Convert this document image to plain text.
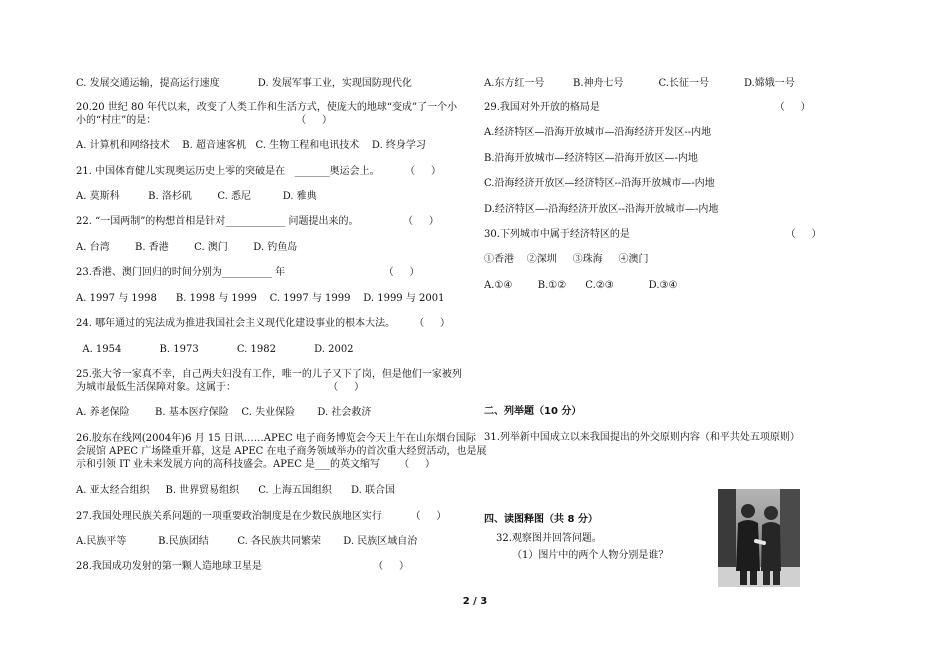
C. 发展交通运输，提高运行速度            D. 发展军事工业，实现国防现代化
20.20 世纪 80 年代以来，改变了人类工作和生活方式，使庞大的地球“变成”了一个小
小的“村庄”的是：                                            （     ）
A. 计算机和网络技术    B. 超音速客机   C. 生物工程和电讯技术    D. 终身学习
21. 中国体育健儿实现奥运历史上零的突破是在   _______奥运会上。        （     ）
A. 莫斯科         B. 洛杉矶        C. 悉尼          D. 雅典
22. “一国两制”的构想首相是针对____________ 问题提出来的。              （     ）
A. 台湾        B. 香港        C. 澳门        D. 钓鱼岛
23.香港、澳门回归的时间分别为__________ 年                               （     ）
A. 1997 与 1998      B. 1998 与 1999    C. 1997 与 1999    D. 1999 与 2001
24. 哪年通过的宪法成为推进我国社会主义现代化建设事业的根本大法。      （     ）
A. 1954            B. 1973            C. 1982            D. 2002
25.张大爷一家真不幸，自己两夫妇没有工作，唯一的儿子又下了岗，但是他们一家被列
为城市最低生活保障对象。这属于：                             （     ）
A. 养老保险        B. 基本医疗保险    C. 失业保险       D. 社会救济
26.胶东在线网(2004年)6 月 15 日讯……APEC 电子商务博览会今天上午在山东烟台国际
会展馆 APEC 广场隆重开幕，这是 APEC 在电子商务领域举办的首次重大经贸活动，也是展
示和引领 IT 业未来发展方向的高科技盛会。APEC 是___的英文缩写      （     ）
A. 亚太经合组织     B. 世界贸易组织      C. 上海五国组织      D. 联合国
27.我国处理民族关系问题的一项重要政治制度是在少数民族地区实行         （     ）
A.民族平等          B.民族团结         C. 各民族共同繁荣       D. 民族区域自治
28.我国成功发射的第一颗人造地球卫星是                                   （     ）
A.东方红一号         B.神舟七号           C.长征一号           D.嫦娥一号
29.我国对外开放的格局是                                                       （     ）
A.经济特区—沿海开放城市—沿海经济开发区--内地
B.沿海开放城市—经济特区—沿海开放区—-内地
C.沿海经济开放区—经济特区--沿海开放城市—-内地
D.经济特区—-沿海经济开放区--沿海开放城市—-内地
30.下列城市中属于经济特区的是                                                 （     ）
①香港    ②深圳     ③珠海     ④澳门
A.①④        B.①②      C.②③           D.③④
二、列举题（10 分）
31.列举新中国成立以来我国提出的外交原则内容（和平共处五项原则）
四、读图释图（共 8 分）
32.观察图并回答问题。
（1）图片中的两个人物分别是谁？
2 / 3
